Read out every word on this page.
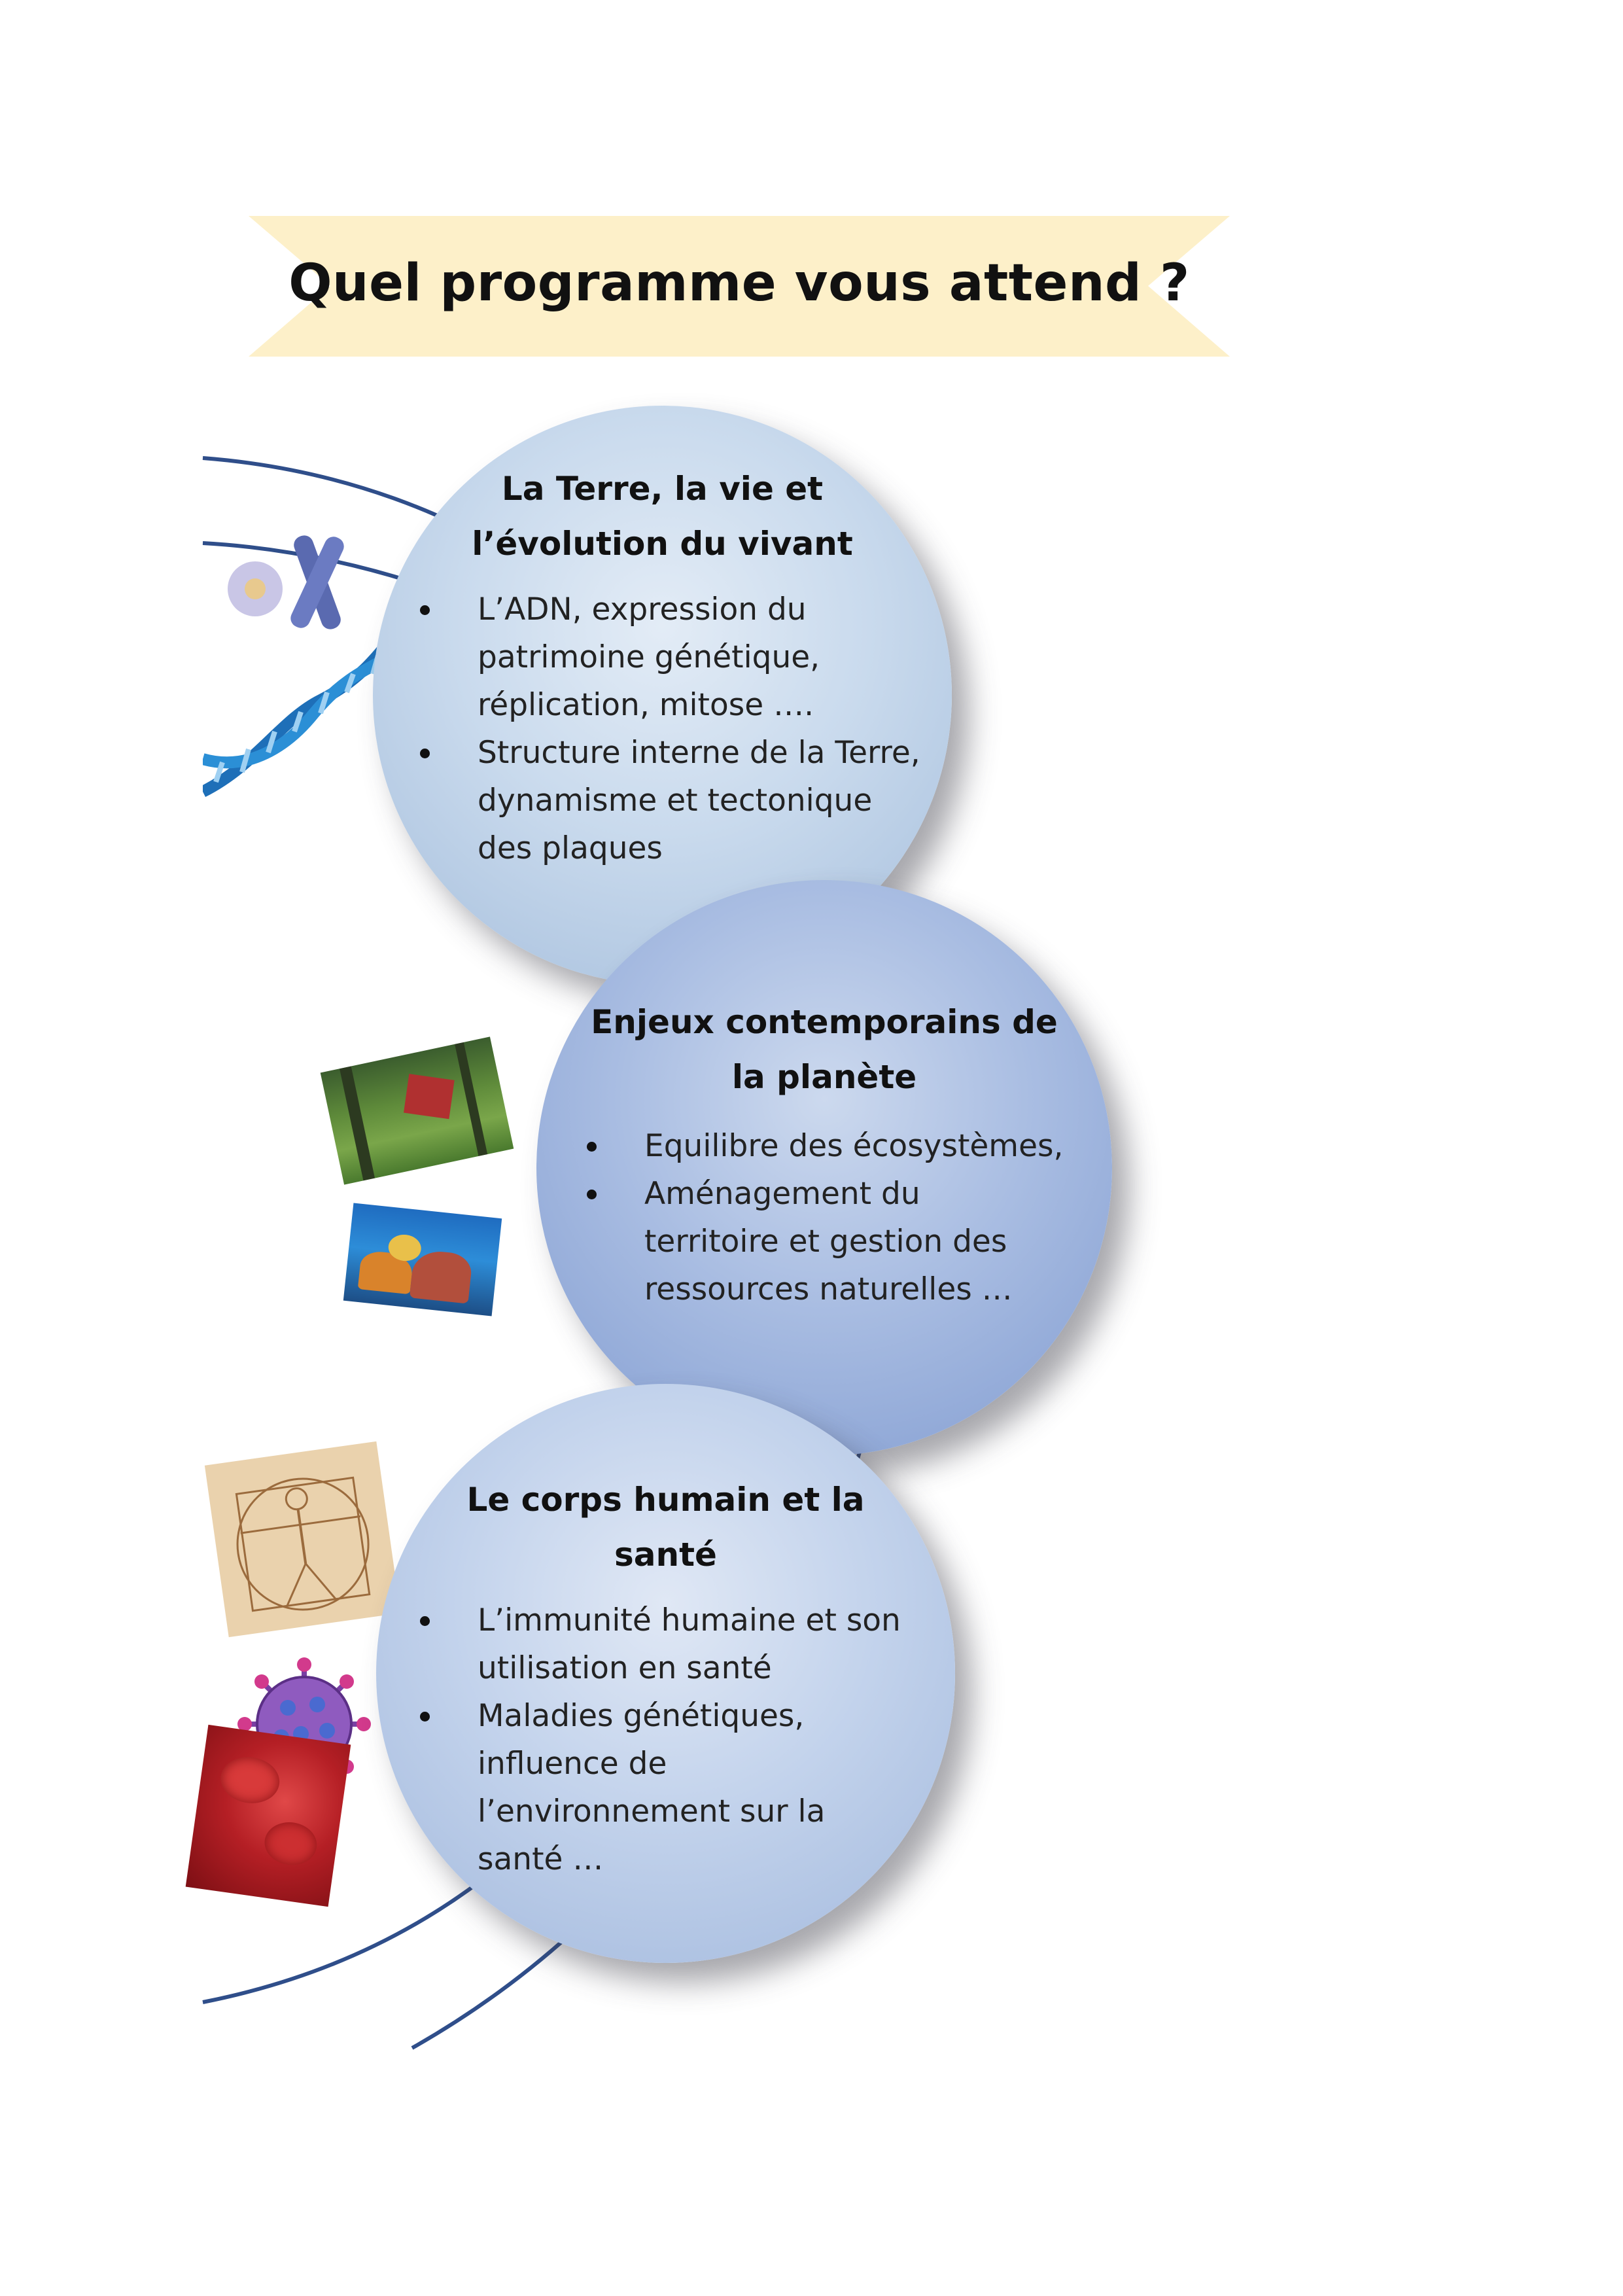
Quel programme vous attend ?
La Terre, la vie et
l’évolution du vivant
L’ADN, expression du
patrimoine génétique,
réplication, mitose ….
Structure interne de la Terre,
dynamisme et tectonique
des plaques
Enjeux contemporains de
la planète
Equilibre des écosystèmes,
Aménagement du
territoire et gestion des
ressources naturelles …
Le corps humain et la
santé
L’immunité humaine et son
utilisation en santé
Maladies génétiques,
influence de
l’environnement sur la
santé …
